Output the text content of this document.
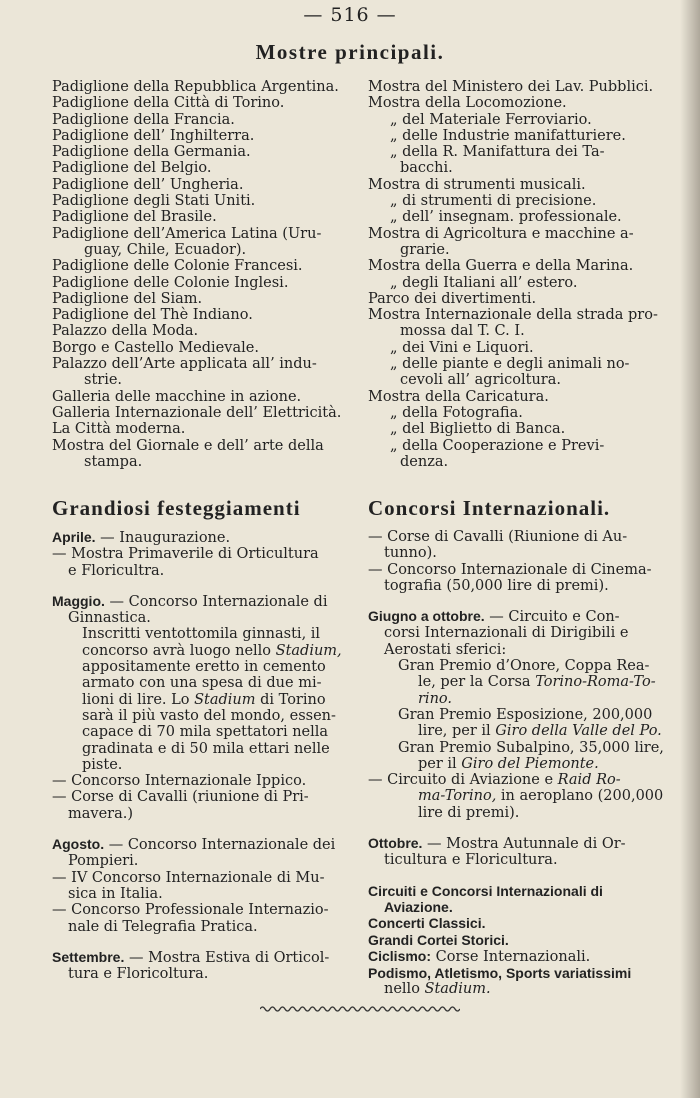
— 516 —
Mostre principali.
Padiglione della Repubblica Argentina.
Padiglione della Città di Torino.
Padiglione della Francia.
Padiglione dell’ Inghilterra.
Padiglione della Germania.
Padiglione del Belgio.
Padiglione dell’ Ungheria.
Padiglione degli Stati Uniti.
Padiglione del Brasile.
Padiglione dell’America Latina (Uru-
guay, Chile, Ecuador).
Padiglione delle Colonie Francesi.
Padiglione delle Colonie Inglesi.
Padiglione del Siam.
Padiglione del Thè Indiano.
Palazzo della Moda.
Borgo e Castello Medievale.
Palazzo dell’Arte applicata all’ indu-
strie.
Galleria delle macchine in azione.
Galleria Internazionale dell’ Elettricità.
La Città moderna.
Mostra del Giornale e dell’ arte della
stampa.
Mostra del Ministero dei Lav. Pubblici.
Mostra della Locomozione.
„ del Materiale Ferroviario.
„ delle Industrie manifatturiere.
„ della R. Manifattura dei Ta-
bacchi.
Mostra di strumenti musicali.
„ di strumenti di precisione.
„ dell’ insegnam. professionale.
Mostra di Agricoltura e macchine a-
grarie.
Mostra della Guerra e della Marina.
„ degli Italiani all’ estero.
Parco dei divertimenti.
Mostra Internazionale della strada pro-
mossa dal T. C. I.
„ dei Vini e Liquori.
„ delle piante e degli animali no-
cevoli all’ agricoltura.
Mostra della Caricatura.
„ della Fotografia.
„ del Biglietto di Banca.
„ della Cooperazione e Previ-
denza.
Grandiosi festeggiamenti	Concorsi Internazionali.
Aprile. — Inaugurazione.
— Mostra Primaverile di Orticultura
e Floricultra.
Maggio. — Concorso Internazionale di
Ginnastica.
Inscritti ventottomila ginnasti, il
concorso avrà luogo nello Stadium,
appositamente eretto in cemento
armato con una spesa di due mi-
lioni di lire. Lo Stadium di Torino
sarà il più vasto del mondo, essen-
capace di 70 mila spettatori nella
gradinata e di 50 mila ettari nelle
piste.
— Concorso Internazionale Ippico.
— Corse di Cavalli (riunione di Pri-
mavera.)
Agosto. — Concorso Internazionale dei
Pompieri.
— IV Concorso Internazionale di Mu-
sica in Italia.
— Concorso Professionale Internazio-
nale di Telegrafia Pratica.
Settembre. — Mostra Estiva di Orticol-
tura e Floricoltura.
— Corse di Cavalli (Riunione di Au-
tunno).
— Concorso Internazionale di Cinema-
tografia (50,000 lire di premi).
Giugno a ottobre. — Circuito e Con-
corsi Internazionali di Dirigibili e
Aerostati sferici:
Gran Premio d’Onore, Coppa Rea-
le, per la Corsa Torino-Roma-To-
rino.
Gran Premio Esposizione, 200,000
lire, per il Giro della Valle del Po.
Gran Premio Subalpino, 35,000 lire,
per il Giro del Piemonte.
— Circuito di Aviazione e Raid Ro-
ma-Torino, in aeroplano (200,000
lire di premi).
Ottobre. — Mostra Autunnale di Or-
ticultura e Floricultura.
Circuiti e Concorsi Internazionali di
Aviazione.
Concerti Classici.
Grandi Cortei Storici.
Ciclismo: Corse Internazionali.
Podismo, Atletismo, Sports variatissimi
nello Stadium.
